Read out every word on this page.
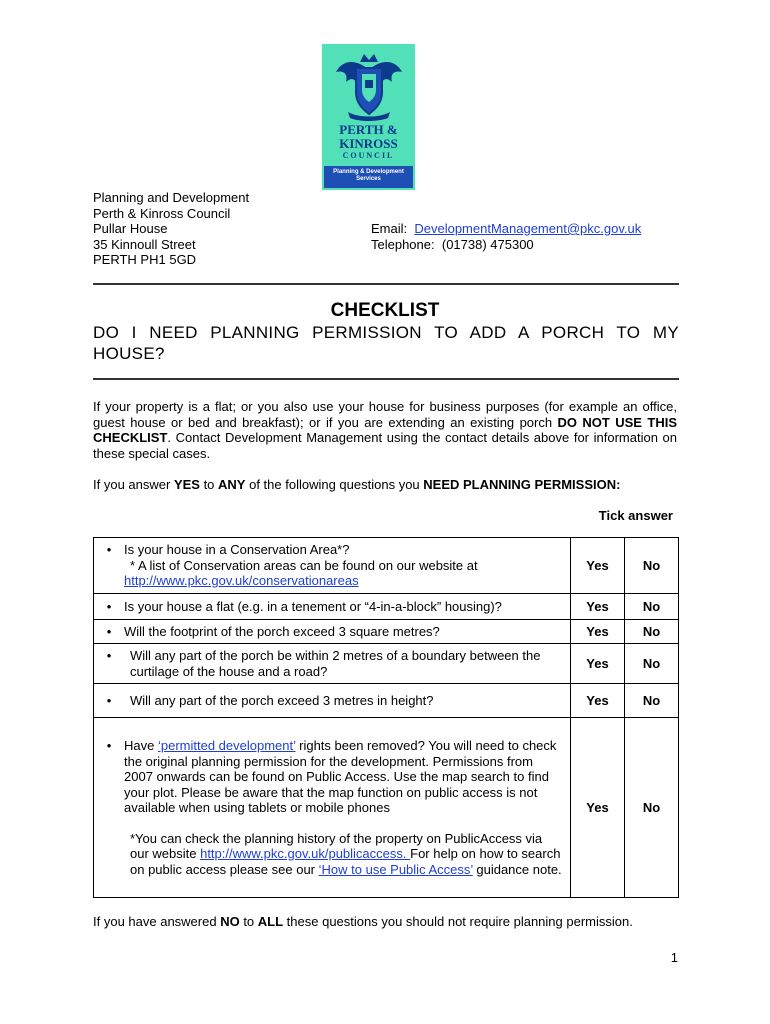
PERTH &
KINROSS
COUNCIL
Planning & Development Services
Planning and Development
Perth & Kinross Council
Pullar House
35 Kinnoull Street
PERTH PH1 5GD
Email: DevelopmentManagement@pkc.gov.uk
Telephone: (01738) 475300
CHECKLIST
DO I NEED PLANNING PERMISSION TO ADD A PORCH TO MY HOUSE?
If your property is a flat; or you also use your house for business purposes (for example an office, guest house or bed and breakfast); or if you are extending an existing porch DO NOT USE THIS CHECKLIST. Contact Development Management using the contact details above for information on these special cases.
If you answer YES to ANY of the following questions you NEED PLANNING PERMISSION:
Tick answer
• Is your house in a Conservation Area*?
* A list of Conservation areas can be found on our website at
http://www.pkc.gov.uk/conservationareas	Yes	No

• Is your house a flat (e.g. in a tenement or “4-in-a-block” housing)?	Yes	No

• Will the footprint of the porch exceed 3 square metres?	Yes	No

• Will any part of the porch be within 2 metres of a boundary between the curtilage of the house and a road?	Yes	No

• Will any part of the porch exceed 3 metres in height?	Yes	No

• Have ‘permitted development’ rights been removed? You will need to check the original planning permission for the development. Permissions from 2007 onwards can be found on Public Access. Use the map search to find your plot. Please be aware that the map function on public access is not available when using tablets or mobile phones
*You can check the planning history of the property on PublicAccess via our website http://www.pkc.gov.uk/publicaccess. For help on how to search on public access please see our ‘How to use Public Access’ guidance note.	Yes	No
If you have answered NO to ALL these questions you should not require planning permission.
1
